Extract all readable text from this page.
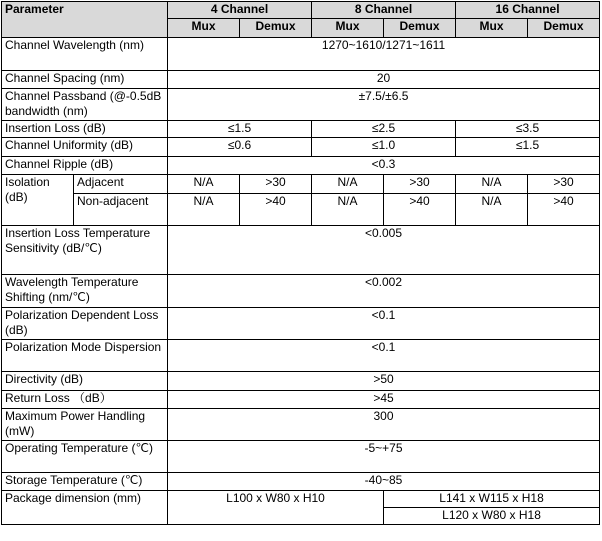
Parameter		4 Channel		8 Channel		16 Channel	
		Mux	Demux	Mux	Demux	Mux	Demux
Channel Wavelength (nm)		1270~1610/1271~1611					
Channel Spacing (nm)		20					
Channel Passband (@-0.5dB bandwidth (nm)		±7.5/±6.5					
Insertion Loss (dB)		≤1.5		≤2.5		≤3.5	
Channel Uniformity (dB)		≤0.6		≤1.0		≤1.5	
Channel Ripple (dB)		<0.3					
Isolation (dB)	Adjacent	N/A	>30	N/A	>30	N/A	>30
	Non-adjacent	N/A	>40	N/A	>40	N/A	>40
Insertion Loss Temperature Sensitivity (dB/℃)		<0.005					
Wavelength Temperature Shifting (nm/℃)		<0.002					
Polarization Dependent Loss (dB)		<0.1					
Polarization Mode Dispersion		<0.1					
Directivity (dB)		>50					
Return Loss （dB）		>45					
Maximum Power Handling (mW)		300					
Operating Temperature (℃)		-5~+75					
Storage Temperature (℃)		-40~85					
Package dimension (mm)		L100 x W80 x H10			L141 x W115 x H18		
					L120 x W80 x H18		
